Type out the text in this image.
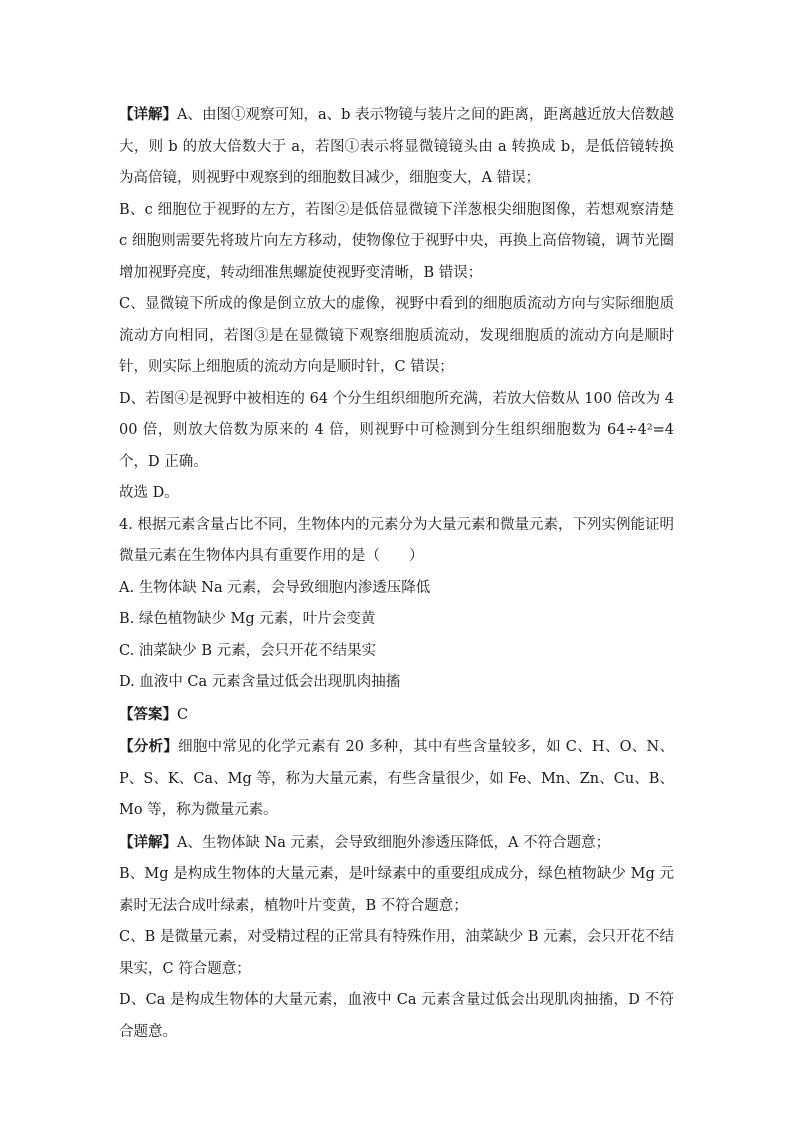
【详解】A、由图①观察可知，a、b 表示物镜与装片之间的距离，距离越近放大倍数越大，则 b 的放大倍数大于 a，若图①表示将显微镜镜头由 a 转换成 b，是低倍镜转换为高倍镜，则视野中观察到的细胞数目减少，细胞变大，A 错误；

B、c 细胞位于视野的左方，若图②是低倍显微镜下洋葱根尖细胞图像，若想观察清楚 c 细胞则需要先将玻片向左方移动，使物像位于视野中央，再换上高倍物镜，调节光圈增加视野亮度，转动细准焦螺旋使视野变清晰，B 错误；

C、显微镜下所成的像是倒立放大的虚像，视野中看到的细胞质流动方向与实际细胞质流动方向相同，若图③是在显微镜下观察细胞质流动，发现细胞质的流动方向是顺时针，则实际上细胞质的流动方向是顺时针，C 错误；

D、若图④是视野中被相连的 64 个分生组织细胞所充满，若放大倍数从 100 倍改为 400 倍，则放大倍数为原来的 4 倍，则视野中可检测到分生组织细胞数为 64÷4²=4 个，D 正确。

故选 D。

4. 根据元素含量占比不同，生物体内的元素分为大量元素和微量元素，下列实例能证明微量元素在生物体内具有重要作用的是（　　）

A. 生物体缺 Na 元素，会导致细胞内渗透压降低

B. 绿色植物缺少 Mg 元素，叶片会变黄

C. 油菜缺少 B 元素，会只开花不结果实

D. 血液中 Ca 元素含量过低会出现肌肉抽搐

【答案】C

【分析】细胞中常见的化学元素有 20 多种，其中有些含量较多，如 C、H、O、N、P、S、K、Ca、Mg 等，称为大量元素，有些含量很少，如 Fe、Mn、Zn、Cu、B、Mo 等，称为微量元素。

【详解】A、生物体缺 Na 元素，会导致细胞外渗透压降低，A 不符合题意；

B、Mg 是构成生物体的大量元素，是叶绿素中的重要组成成分，绿色植物缺少 Mg 元素时无法合成叶绿素，植物叶片变黄，B 不符合题意；

C、B 是微量元素，对受精过程的正常具有特殊作用，油菜缺少 B 元素，会只开花不结果实，C 符合题意；

D、Ca 是构成生物体的大量元素，血液中 Ca 元素含量过低会出现肌肉抽搐，D 不符合题意。
